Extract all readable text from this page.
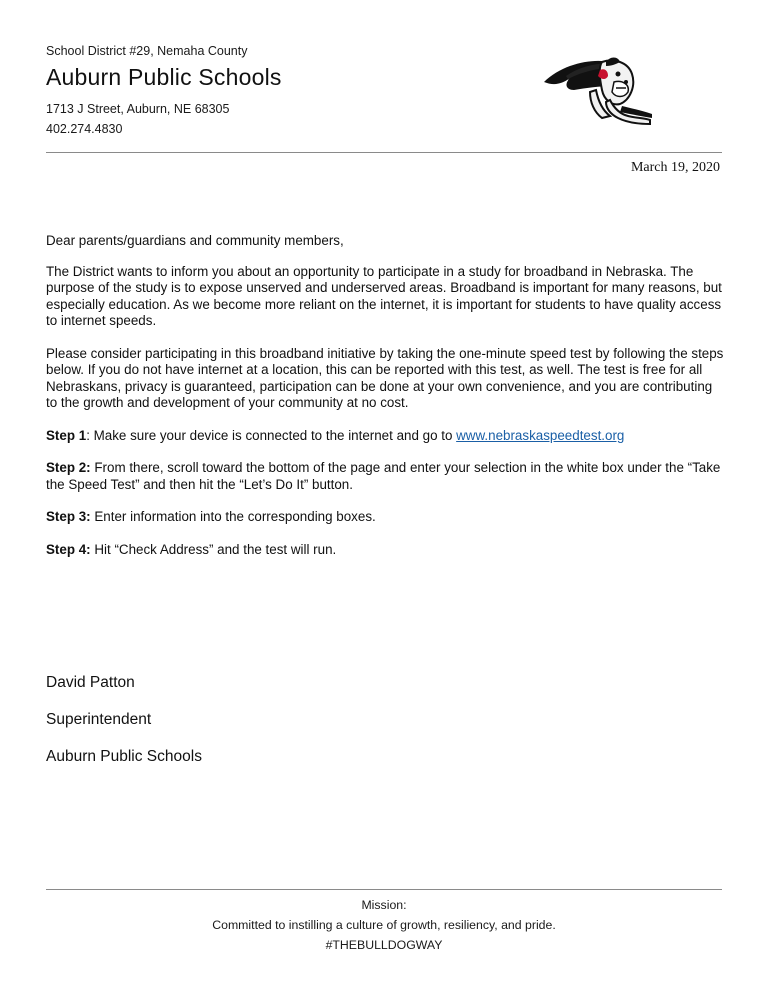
School District #29, Nemaha County
Auburn Public Schools
1713 J Street, Auburn, NE 68305
402.274.4830
March 19, 2020

Dear parents/guardians and community members,

The District wants to inform you about an opportunity to participate in a study for broadband in Nebraska. The purpose of the study is to expose unserved and underserved areas. Broadband is important for many reasons, but especially education. As we become more reliant on the internet, it is important for students to have quality access to internet speeds.

Please consider participating in this broadband initiative by taking the one-minute speed test by following the steps below. If you do not have internet at a location, this can be reported with this test, as well. The test is free for all Nebraskans, privacy is guaranteed, participation can be done at your own convenience, and you are contributing to the growth and development of your community at no cost.

Step 1: Make sure your device is connected to the internet and go to www.nebraskaspeedtest.org

Step 2: From there, scroll toward the bottom of the page and enter your selection in the white box under the “Take the Speed Test” and then hit the “Let’s Do It” button.

Step 3: Enter information into the corresponding boxes.

Step 4: Hit “Check Address” and the test will run.

David Patton
Superintendent
Auburn Public Schools
Mission:
Committed to instilling a culture of growth, resiliency, and pride.
#THEBULLDOGWAY
